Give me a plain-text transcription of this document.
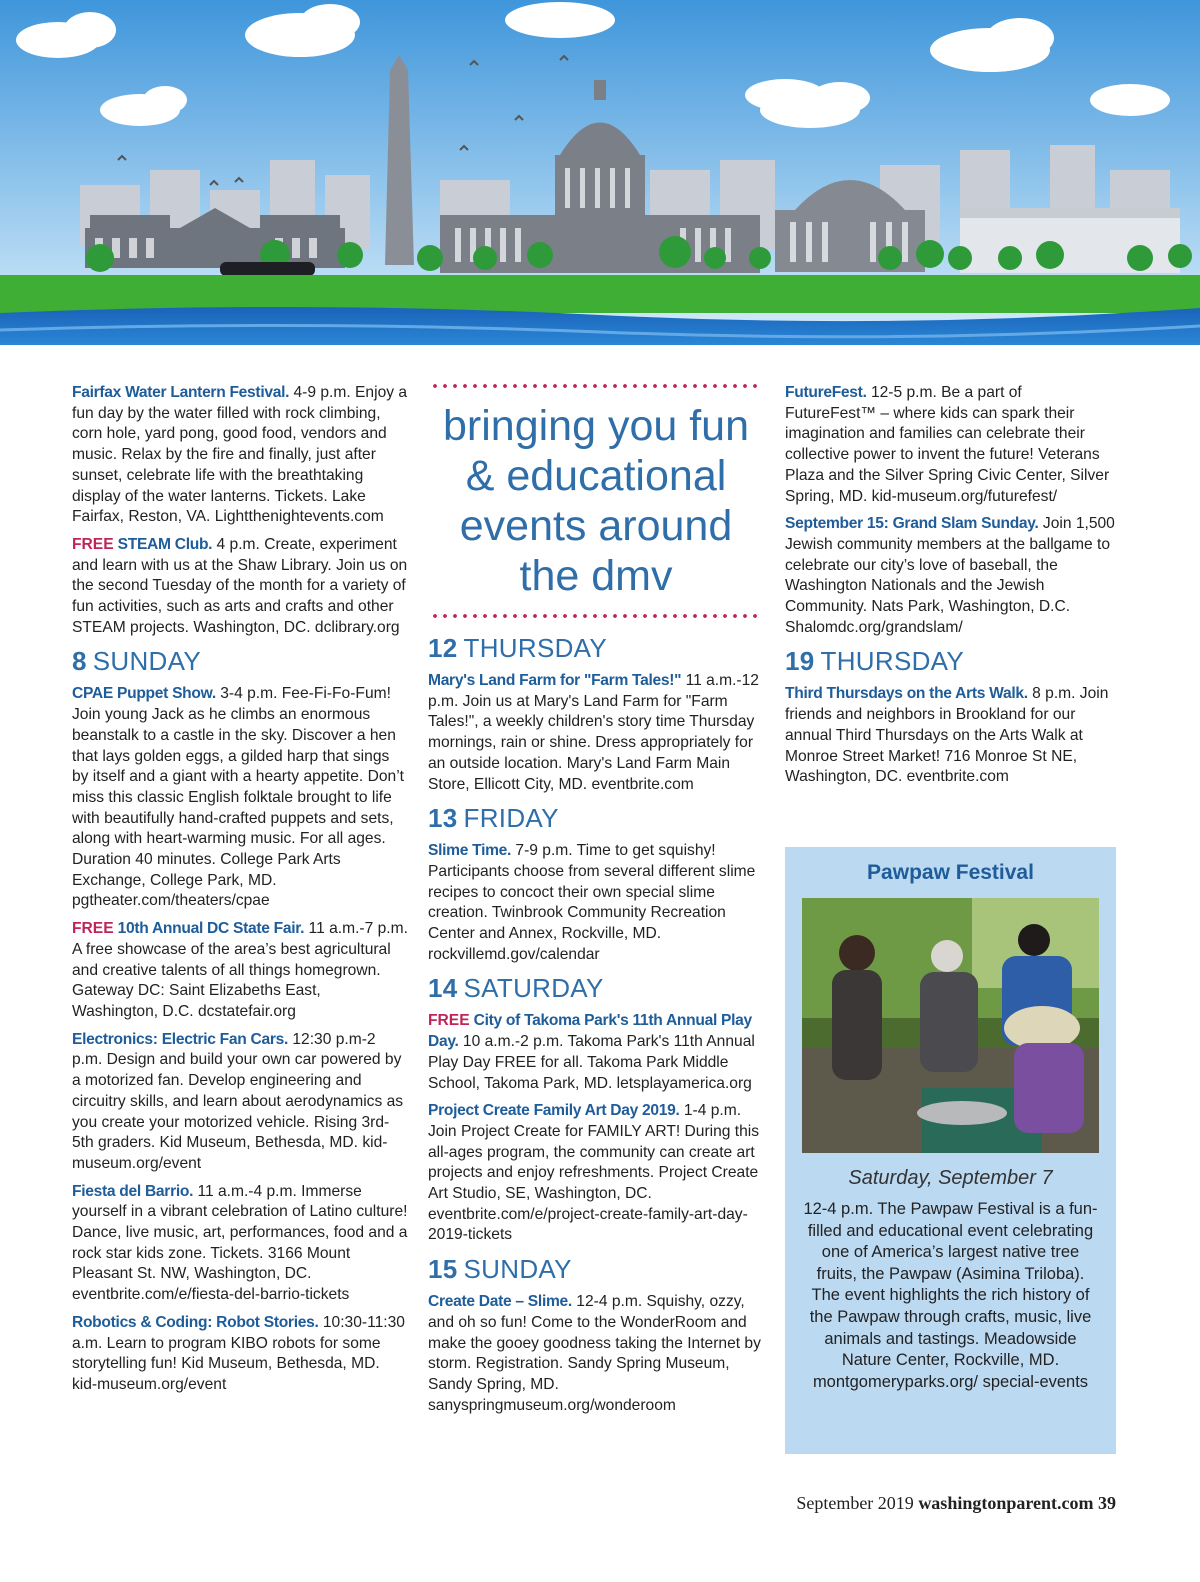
Fairfax Water Lantern Festival. 4-9 p.m. Enjoy a fun day by the water filled with rock climbing, corn hole, yard pong, good food, vendors and music. Relax by the fire and finally, just after sunset, celebrate life with the breathtaking display of the water lanterns. Tickets. Lake Fairfax, Reston, VA. Lightthenightevents.com

FREE STEAM Club. 4 p.m. Create, experiment and learn with us at the Shaw Library. Join us on the second Tuesday of the month for a variety of fun activities, such as arts and crafts and other STEAM projects. Washington, DC. dclibrary.org

8 SUNDAY

CPAE Puppet Show. 3-4 p.m. Fee-Fi-Fo-Fum! Join young Jack as he climbs an enormous beanstalk to a castle in the sky. Discover a hen that lays golden eggs, a gilded harp that sings by itself and a giant with a hearty appetite. Don’t miss this classic English folktale brought to life with beautifully hand-crafted puppets and sets, along with heart-warming music. For all ages. Duration 40 minutes. College Park Arts Exchange, College Park, MD. pgtheater.com/theaters/cpae

FREE 10th Annual DC State Fair. 11 a.m.-7 p.m. A free showcase of the area’s best agricultural and creative talents of all things homegrown. Gateway DC: Saint Elizabeths East, Washington, D.C. dcstatefair.org

Electronics: Electric Fan Cars. 12:30 p.m-2 p.m. Design and build your own car powered by a motorized fan. Develop engineering and circuitry skills, and learn about aerodynamics as you create your motorized vehicle. Rising 3rd-5th graders. Kid Museum, Bethesda, MD. kid-museum.org/event

Fiesta del Barrio. 11 a.m.-4 p.m. Immerse yourself in a vibrant celebration of Latino culture! Dance, live music, art, performances, food and a rock star kids zone. Tickets. 3166 Mount Pleasant St. NW, Washington, DC. eventbrite.com/e/fiesta-del-barrio-tickets

Robotics & Coding: Robot Stories. 10:30-11:30 a.m. Learn to program KIBO robots for some storytelling fun! Kid Museum, Bethesda, MD. kid-museum.org/event

bringing you fun
& educational
events around
the dmv
12 THURSDAY

Mary's Land Farm for "Farm Tales!" 11 a.m.-12 p.m. Join us at Mary's Land Farm for "Farm Tales!", a weekly children's story time Thursday mornings, rain or shine. Dress appropriately for an outside location. Mary's Land Farm Main Store, Ellicott City, MD. eventbrite.com

13 FRIDAY

Slime Time. 7-9 p.m. Time to get squishy! Participants choose from several different slime recipes to concoct their own special slime creation. Twinbrook Community Recreation Center and Annex, Rockville, MD. rockvillemd.gov/calendar

14 SATURDAY

FREE City of Takoma Park's 11th Annual Play Day. 10 a.m.-2 p.m. Takoma Park's 11th Annual Play Day FREE for all. Takoma Park Middle School, Takoma Park, MD. letsplayamerica.org

Project Create Family Art Day 2019. 1-4 p.m. Join Project Create for FAMILY ART! During this all-ages program, the community can create art projects and enjoy refreshments. Project Create Art Studio, SE, Washington, DC. eventbrite.com/e/project-create-family-art-day-2019-tickets

15 SUNDAY

Create Date – Slime. 12-4 p.m. Squishy, ozzy, and oh so fun! Come to the WonderRoom and make the gooey goodness taking the Internet by storm. Registration. Sandy Spring Museum, Sandy Spring, MD. sanyspringmuseum.org/wonderoom

FutureFest. 12-5 p.m. Be a part of FutureFest™ – where kids can spark their imagination and families can celebrate their collective power to invent the future! Veterans Plaza and the Silver Spring Civic Center, Silver Spring, MD. kid-museum.org/futurefest/

September 15: Grand Slam Sunday. Join 1,500 Jewish community members at the ballgame to celebrate our city’s love of baseball, the Washington Nationals and the Jewish Community. Nats Park, Washington, D.C. Shalomdc.org/grandslam/

19 THURSDAY

Third Thursdays on the Arts Walk. 8 p.m. Join friends and neighbors in Brookland for our annual Third Thursdays on the Arts Walk at Monroe Street Market! 716 Monroe St NE, Washington, DC. eventbrite.com

Pawpaw Festival
Saturday, September 7
12-4 p.m. The Pawpaw Festival is a fun-filled and educational event celebrating one of America’s largest native tree fruits, the Pawpaw (Asimina Triloba). The event highlights the rich history of the Pawpaw through crafts, music, live animals and tastings. Meadowside Nature Center, Rockville, MD. montgomeryparks.org/ special-events
September 2019 washingtonparent.com 39
